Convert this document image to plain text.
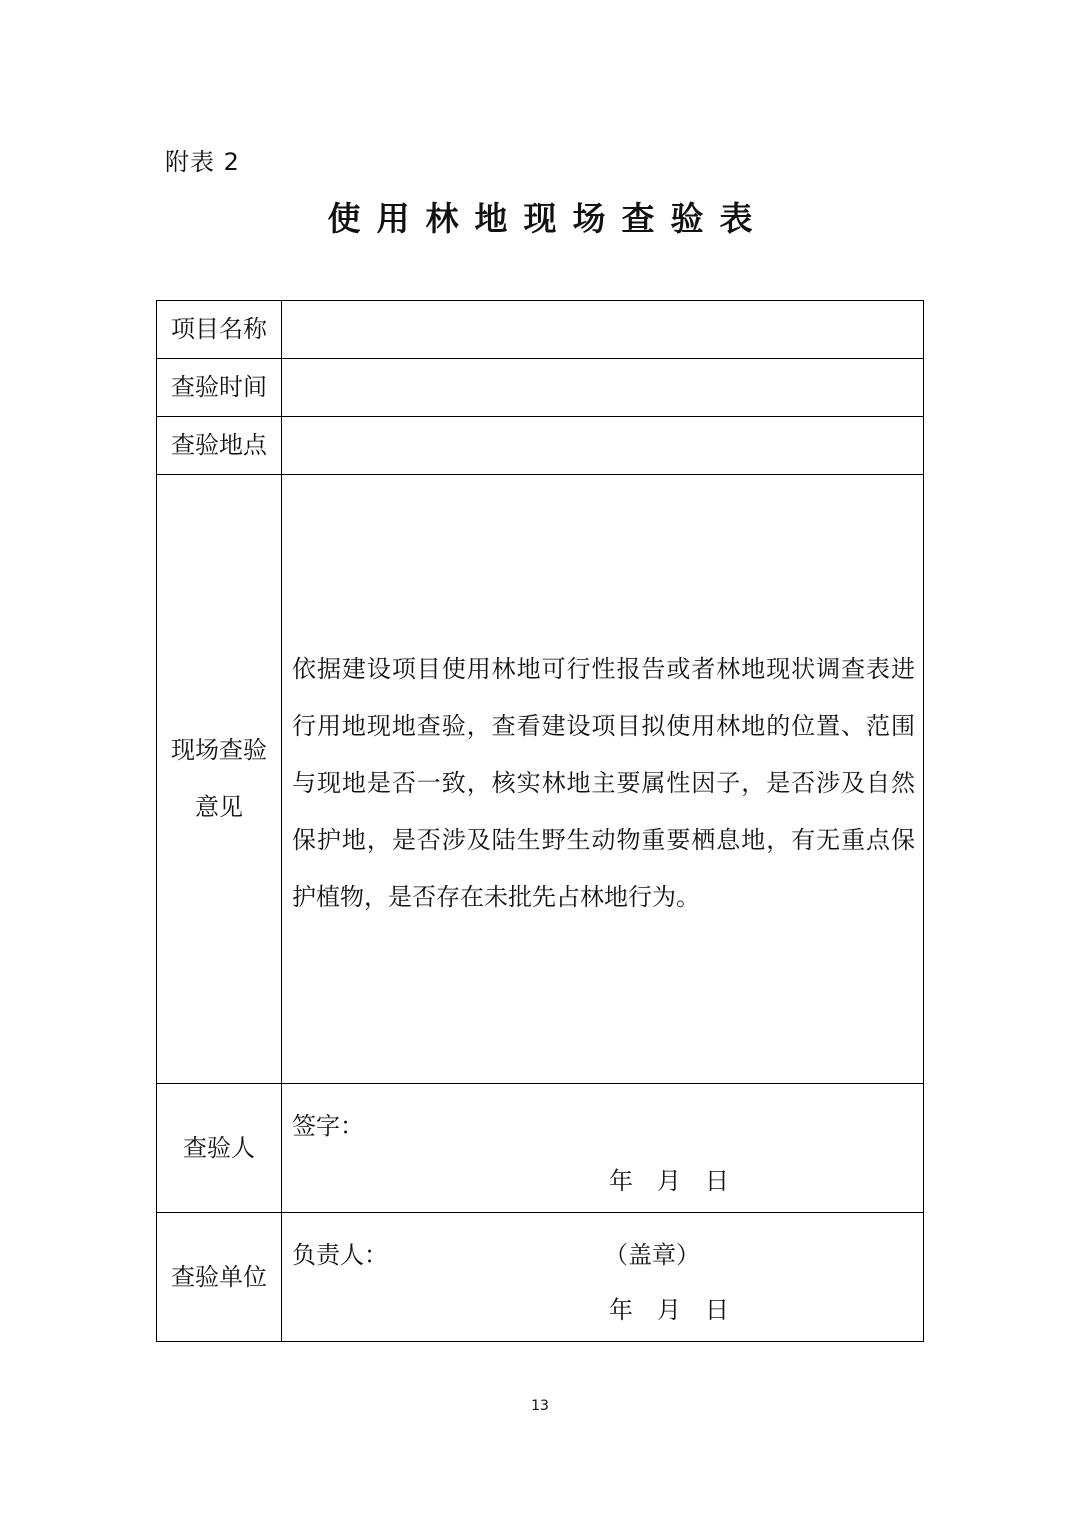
附表 2
使用林地现场查验表
项目名称	
查验时间	
查验地点	

现场查验
意见	依据建设项目使用林地可行性报告或者林地现状调查表进行用地现地查验，查看建设项目拟使用林地的位置、范围与现地是否一致，核实林地主要属性因子，是否涉及自然保护地，是否涉及陆生野生动物重要栖息地，有无重点保护植物，是否存在未批先占林地行为。

查验人	签字：
年 月 日

查验单位	负责人： （盖章）
年 月 日
13
